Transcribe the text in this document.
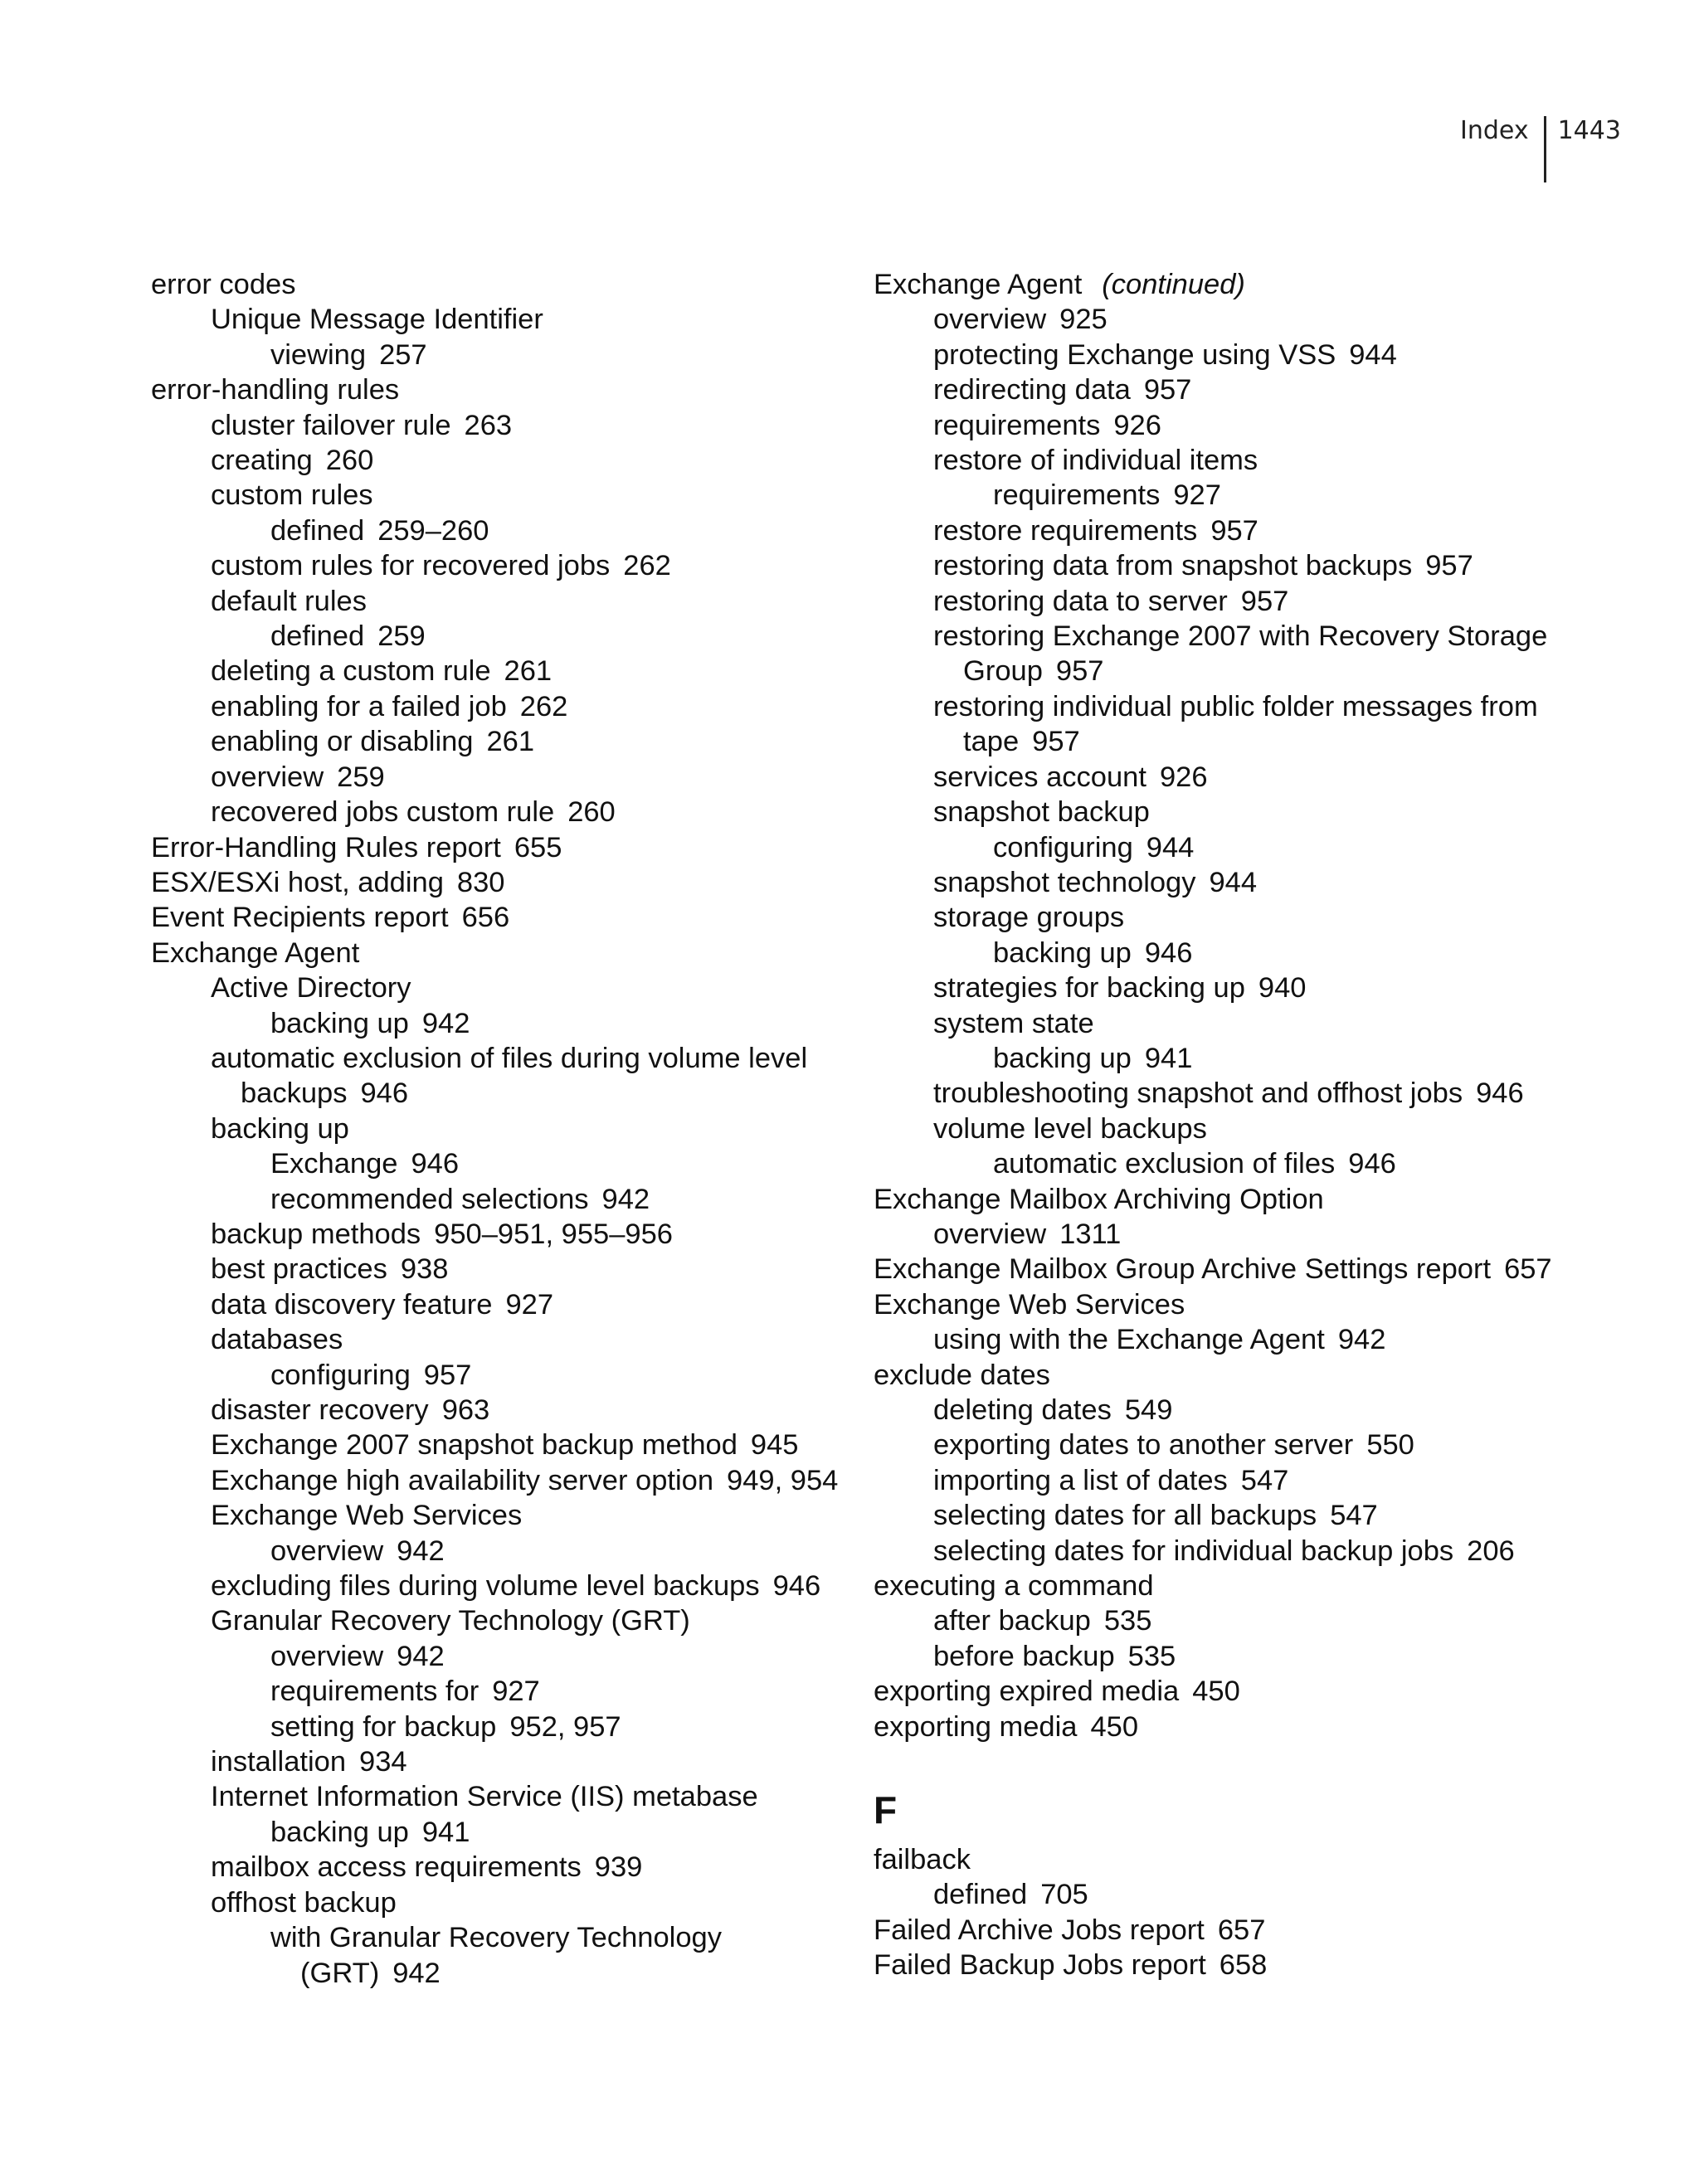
Index 1443
error codes
Unique Message Identifier
viewing 257
error-handling rules
cluster failover rule 263
creating 260
custom rules
defined 259–260
custom rules for recovered jobs 262
default rules
defined 259
deleting a custom rule 261
enabling for a failed job 262
enabling or disabling 261
overview 259
recovered jobs custom rule 260
Error-Handling Rules report 655
ESX/ESXi host, adding 830
Event Recipients report 656
Exchange Agent
Active Directory
backing up 942
automatic exclusion of files during volume level
backups 946
backing up
Exchange 946
recommended selections 942
backup methods 950–951, 955–956
best practices 938
data discovery feature 927
databases
configuring 957
disaster recovery 963
Exchange 2007 snapshot backup method 945
Exchange high availability server option 949, 954
Exchange Web Services
overview 942
excluding files during volume level backups 946
Granular Recovery Technology (GRT)
overview 942
requirements for 927
setting for backup 952, 957
installation 934
Internet Information Service (IIS) metabase
backing up 941
mailbox access requirements 939
offhost backup
with Granular Recovery Technology
(GRT) 942
Exchange Agent (continued)
overview 925
protecting Exchange using VSS 944
redirecting data 957
requirements 926
restore of individual items
requirements 927
restore requirements 957
restoring data from snapshot backups 957
restoring data to server 957
restoring Exchange 2007 with Recovery Storage
Group 957
restoring individual public folder messages from
tape 957
services account 926
snapshot backup
configuring 944
snapshot technology 944
storage groups
backing up 946
strategies for backing up 940
system state
backing up 941
troubleshooting snapshot and offhost jobs 946
volume level backups
automatic exclusion of files 946
Exchange Mailbox Archiving Option
overview 1311
Exchange Mailbox Group Archive Settings report 657
Exchange Web Services
using with the Exchange Agent 942
exclude dates
deleting dates 549
exporting dates to another server 550
importing a list of dates 547
selecting dates for all backups 547
selecting dates for individual backup jobs 206
executing a command
after backup 535
before backup 535
exporting expired media 450
exporting media 450
F
failback
defined 705
Failed Archive Jobs report 657
Failed Backup Jobs report 658
